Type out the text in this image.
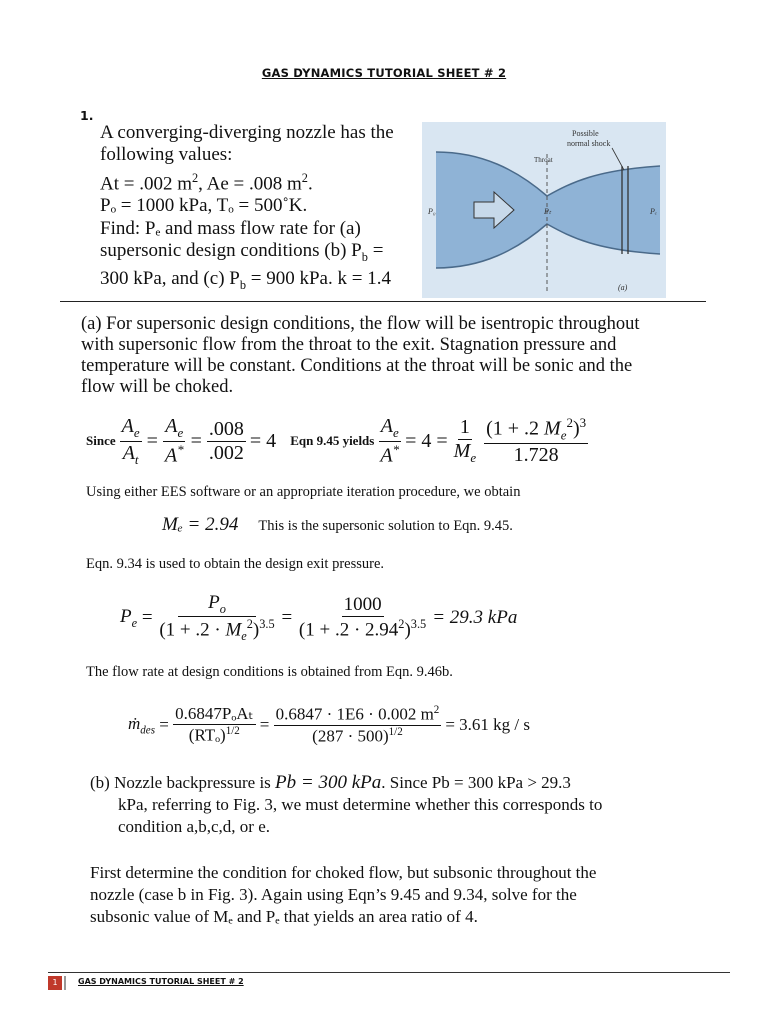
GAS DYNAMICS TUTORIAL SHEET # 2
1.
A converging-diverging nozzle has the
following values:
At = .002 $m^2$, Ae = .008 $m^2$.
Pₒ = 1000 kPa, Tₒ = 500˚K.
Find: Pₑ and mass flow rate for (a)
supersonic design conditions (b) $P_b$ =
300 kPa, and (c) $P_b = 900$ kPa. k = 1.4
Possible
normal shock
Throat
P₀	Pₜ	Pₑ
(a)
(a) For supersonic design conditions, the flow will be isentropic throughout
with supersonic flow from the throat to the exit. Stagnation pressure and
temperature will be constant. Conditions at the throat will be sonic and the
flow will be choked.
Since $\frac{A_e}{A_t} = \frac{A_e}{A^*} = \frac{.008}{.002} = 4$ Eqn 9.45 yields $\frac{A_e}{A^*} = 4 = \frac{1}{M_e} \frac{(1 + .2 M_e^2)^3}{1.728}$
Using either EES software or an appropriate iteration procedure, we obtain
Mₑ = 2.94 This is the supersonic solution to Eqn. 9.45.
Eqn. 9.34 is used to obtain the design exit pressure.
$P_e = \frac{P_o}{(1 + .2 \cdot M_e^2)^{3.5}} = \frac{1000}{(1 + .2 \cdot 2.94^2)^{3.5}} = 29.3$ kPa
The flow rate at design conditions is obtained from Eqn. 9.46b.
ṁ$_{des}$ = $\frac{\text{0.6847PₒAₜ}}{(RT_o)^{1/2}} = \frac{0.6847 \cdot 1E6 \cdot 0.002 m^2}{(287 \cdot 500)^{1/2}} = 3.61$ kg / s
(b) Nozzle backpressure is Pb = 300 kPa. Since Pb = 300 kPa > 29.3
kPa, referring to Fig. 3, we must determine whether this corresponds to
condition a,b,c,d, or e.
First determine the condition for choked flow, but subsonic throughout the
nozzle (case b in Fig. 3). Again using Eqn’s 9.45 and 9.34, solve for the
subsonic value of Mₑ and Pₑ that yields an area ratio of 4.
1	GAS DYNAMICS TUTORIAL SHEET # 2
